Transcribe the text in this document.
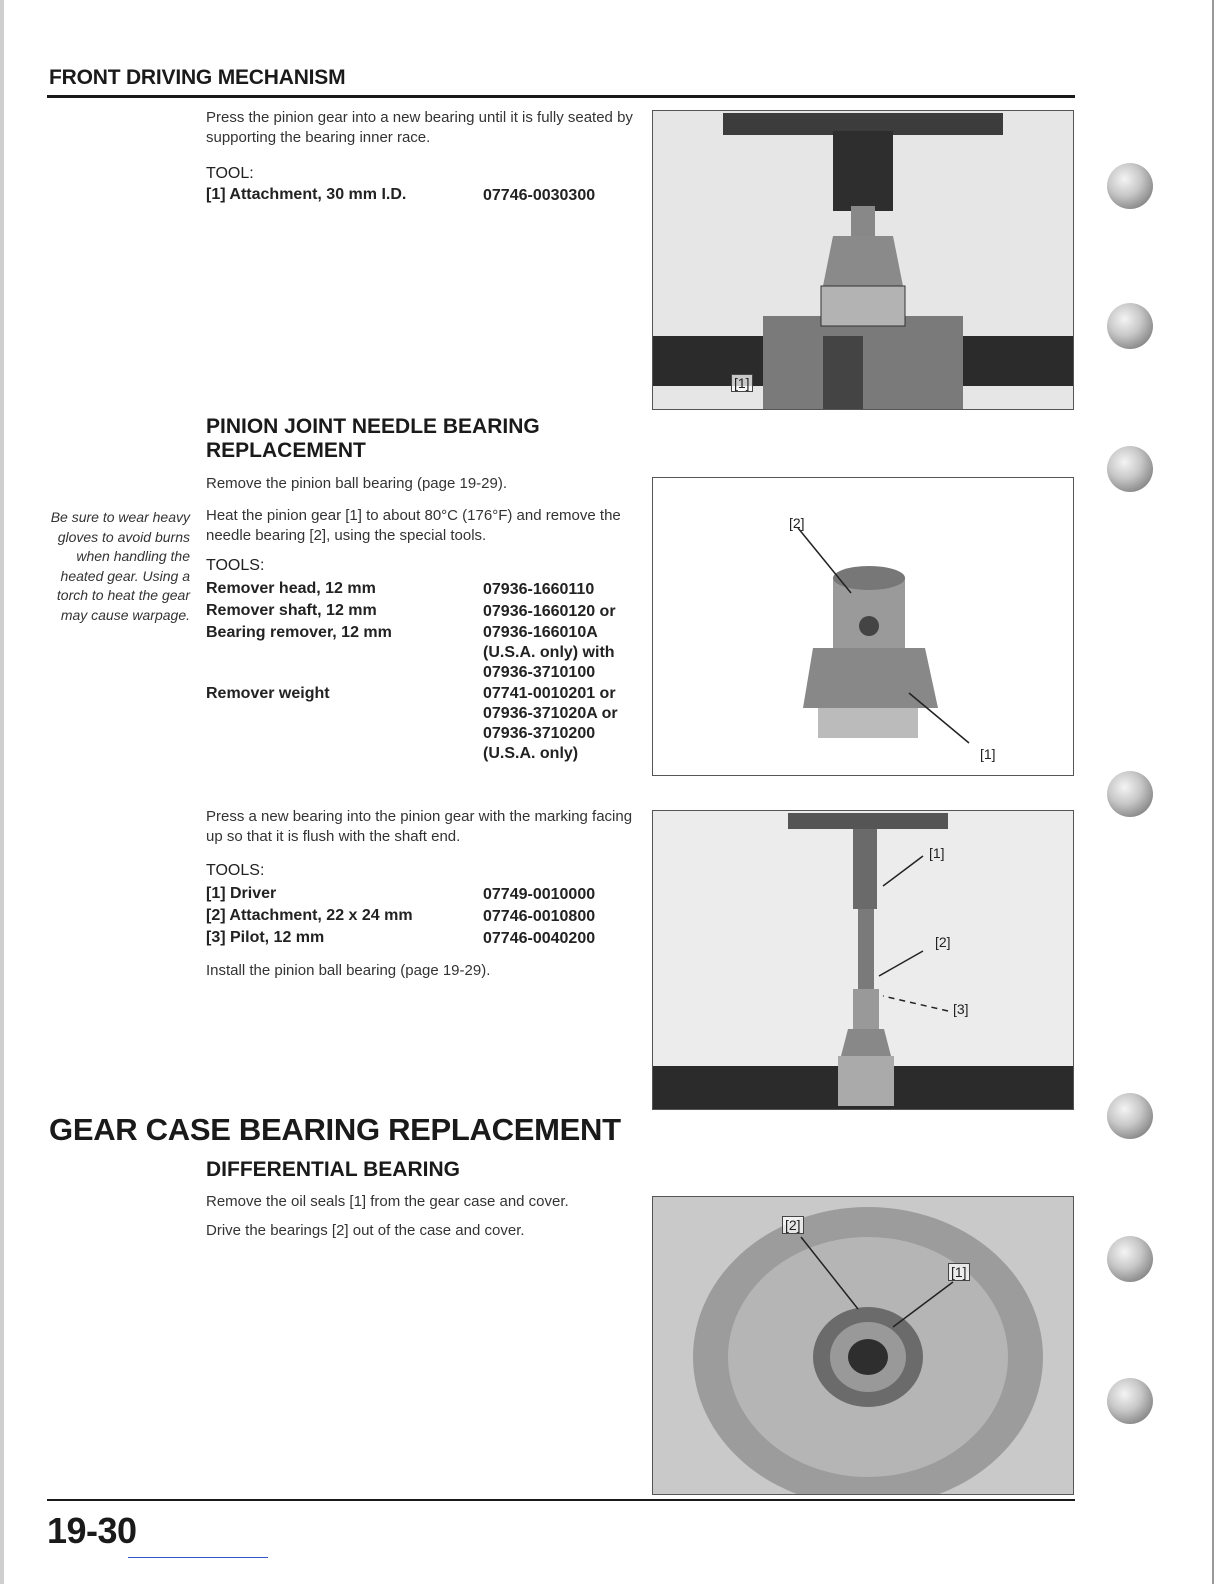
FRONT DRIVING MECHANISM
Press the pinion gear into a new bearing until it is fully seated by supporting the bearing inner race.
TOOL:
[1] Attachment, 30 mm I.D.	07746-0030300
[1]
PINION JOINT NEEDLE BEARING REPLACEMENT
Remove the pinion ball bearing (page 19-29).
Be sure to wear heavy gloves to avoid burns when handling the heated gear. Using a torch to heat the gear may cause warpage.
Heat the pinion gear [1] to about 80°C (176°F) and remove the needle bearing [2], using the special tools.
TOOLS:
Remover head, 12 mm	07936-1660110
Remover shaft, 12 mm	07936-1660120 or
Bearing remover, 12 mm	07936-166010A (U.S.A. only) with 07936-3710100
Remover weight	07741-0010201 or 07936-371020A or 07936-3710200 (U.S.A. only)
[2]
[1]
Press a new bearing into the pinion gear with the marking facing up so that it is flush with the shaft end.
TOOLS:
[1] Driver	07749-0010000
[2] Attachment, 22 x 24 mm	07746-0010800
[3] Pilot, 12 mm	07746-0040200
Install the pinion ball bearing (page 19-29).
[1]
[2]
[3]
GEAR CASE BEARING REPLACEMENT
DIFFERENTIAL BEARING
Remove the oil seals [1] from the gear case and cover.
Drive the bearings [2] out of the case and cover.	[2]
[1]
19-30
